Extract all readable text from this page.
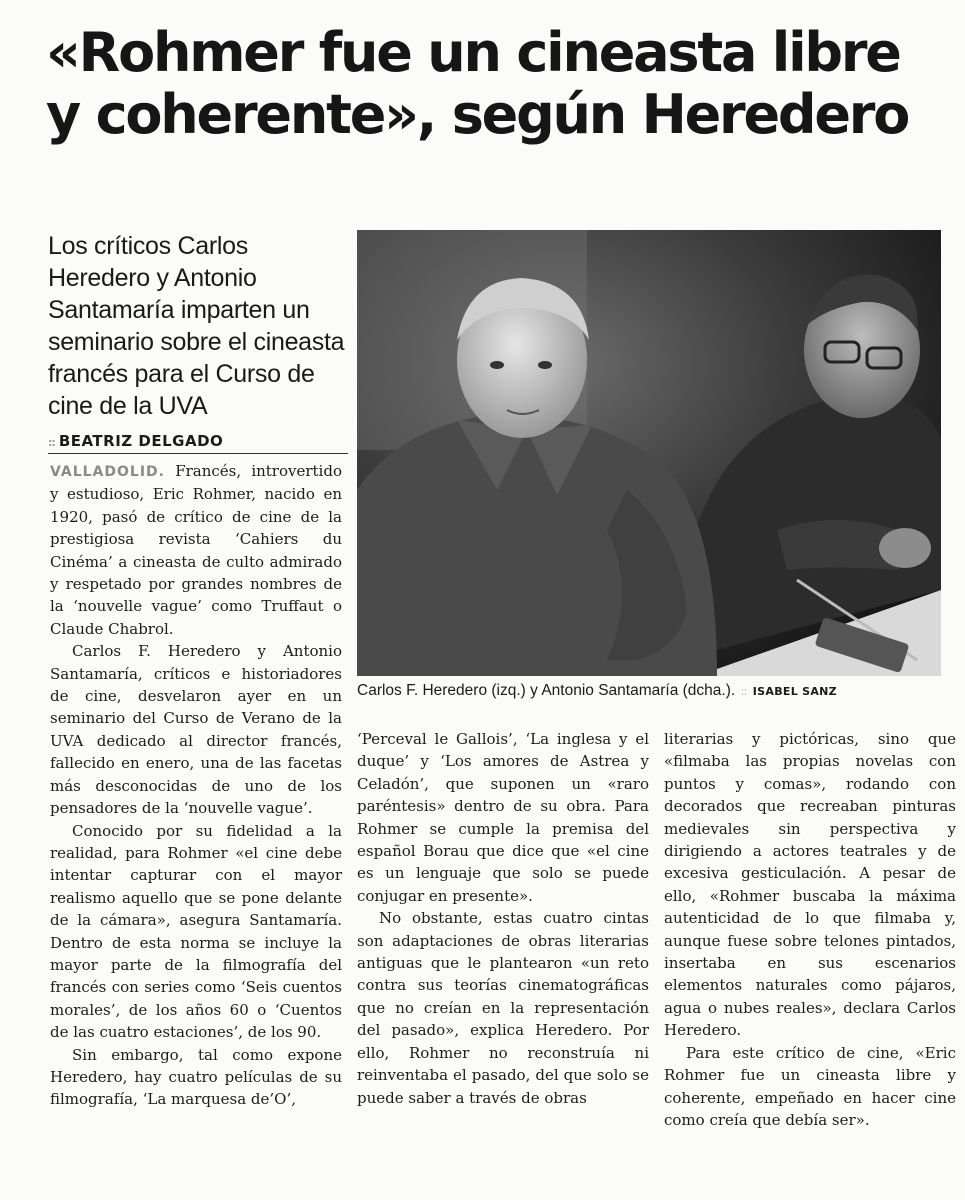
«Rohmer fue un cineasta libre y coherente», según Heredero
Los críticos Carlos Heredero y Antonio Santamaría imparten un seminario sobre el cineasta francés para el Curso de cine de la UVA
:: BEATRIZ DELGADO
Carlos F. Heredero (izq.) y Antonio Santamaría (dcha.). :: ISABEL SANZ

VALLADOLID. Francés, introvertido y estudioso, Eric Rohmer, nacido en 1920, pasó de crítico de cine de la prestigiosa revista ‘Cahiers du Cinéma’ a cineasta de culto admirado y respetado por grandes nombres de la ‘nouvelle vague’ como Truffaut o Claude Chabrol.

Carlos F. Heredero y Antonio Santamaría, críticos e historiadores de cine, desvelaron ayer en un seminario del Curso de Verano de la UVA dedicado al director francés, fallecido en enero, una de las facetas más desconocidas de uno de los pensadores de la ‘nouvelle vague’.

Conocido por su fidelidad a la realidad, para Rohmer «el cine debe intentar capturar con el mayor realismo aquello que se pone delante de la cámara», asegura Santamaría. Dentro de esta norma se incluye la mayor parte de la filmografía del francés con series como ‘Seis cuentos morales’, de los años 60 o ‘Cuentos de las cuatro estaciones’, de los 90.

Sin embargo, tal como expone Heredero, hay cuatro películas de su filmografía, ‘La marquesa de’O’,

‘Perceval le Gallois’, ‘La inglesa y el duque’ y ‘Los amores de Astrea y Celadón’, que suponen un «raro paréntesis» dentro de su obra. Para Rohmer se cumple la premisa del español Borau que dice que «el cine es un lenguaje que solo se puede conjugar en presente».

No obstante, estas cuatro cintas son adaptaciones de obras literarias antiguas que le plantearon «un reto contra sus teorías cinematográficas que no creían en la representación del pasado», explica Heredero. Por ello, Rohmer no reconstruía ni reinventaba el pasado, del que solo se puede saber a través de obras

literarias y pictóricas, sino que «filmaba las propias novelas con puntos y comas», rodando con decorados que recreaban pinturas medievales sin perspectiva y dirigiendo a actores teatrales y de excesiva gesticulación. A pesar de ello, «Rohmer buscaba la máxima autenticidad de lo que filmaba y, aunque fuese sobre telones pintados, insertaba en sus escenarios elementos naturales como pájaros, agua o nubes reales», declara Carlos Heredero.

Para este crítico de cine, «Eric Rohmer fue un cineasta libre y coherente, empeñado en hacer cine como creía que debía ser».
